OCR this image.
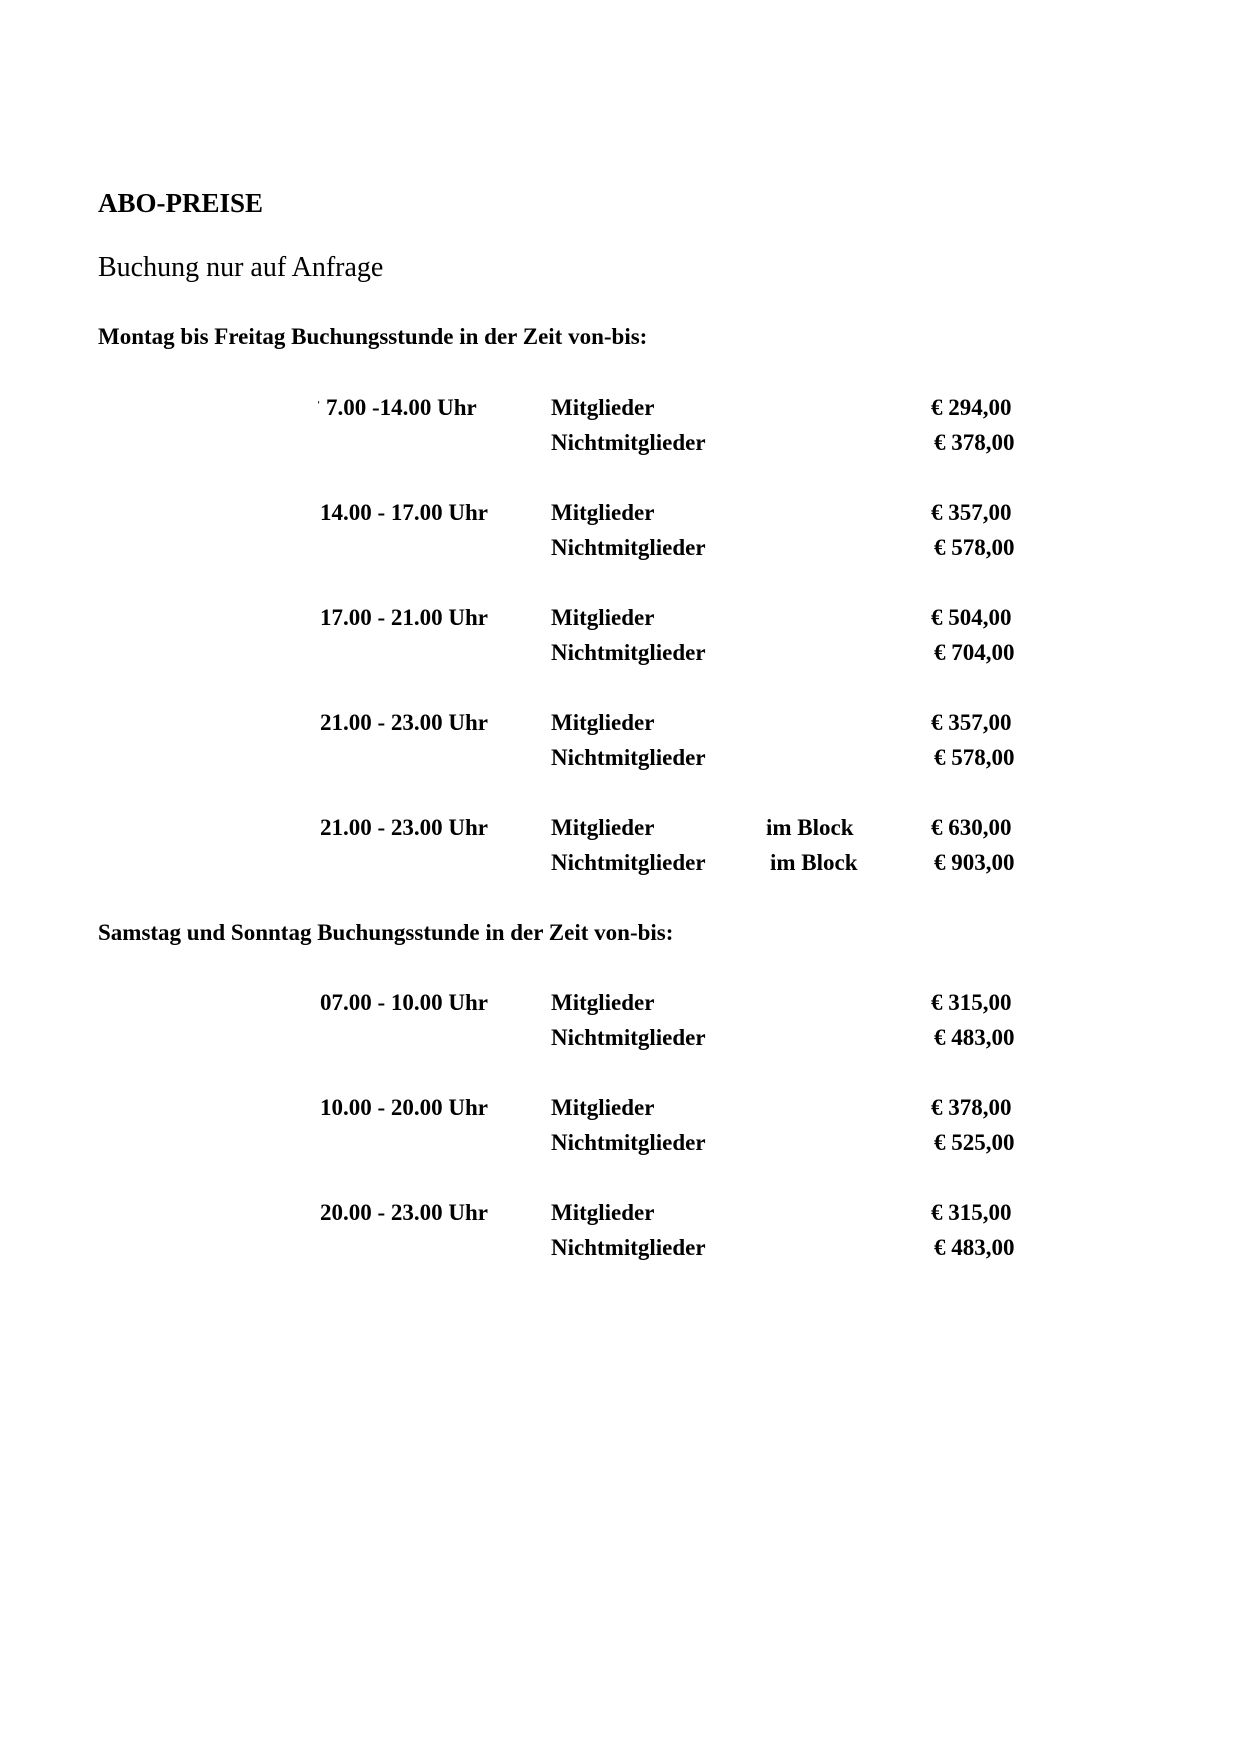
ABO-PREISE
Buchung nur auf Anfrage
Montag bis Freitag Buchungsstunde in der Zeit von-bis:
ˈ 7.00 -14.00 Uhr	Mitglieder	€ 294,00
Nichtmitglieder	€ 378,00
14.00 - 17.00 Uhr	Mitglieder	€ 357,00
Nichtmitglieder	€ 578,00
17.00 - 21.00 Uhr	Mitglieder	€ 504,00
Nichtmitglieder	€ 704,00
21.00 - 23.00 Uhr	Mitglieder	€ 357,00
Nichtmitglieder	€ 578,00
21.00 - 23.00 Uhr	Mitglieder	im Block	€ 630,00
Nichtmitglieder	im Block	€ 903,00
Samstag und Sonntag Buchungsstunde in der Zeit von-bis:
07.00 - 10.00 Uhr	Mitglieder	€ 315,00
Nichtmitglieder	€ 483,00
10.00 - 20.00 Uhr	Mitglieder	€ 378,00
Nichtmitglieder	€ 525,00
20.00 - 23.00 Uhr	Mitglieder	€ 315,00
Nichtmitglieder	€ 483,00
